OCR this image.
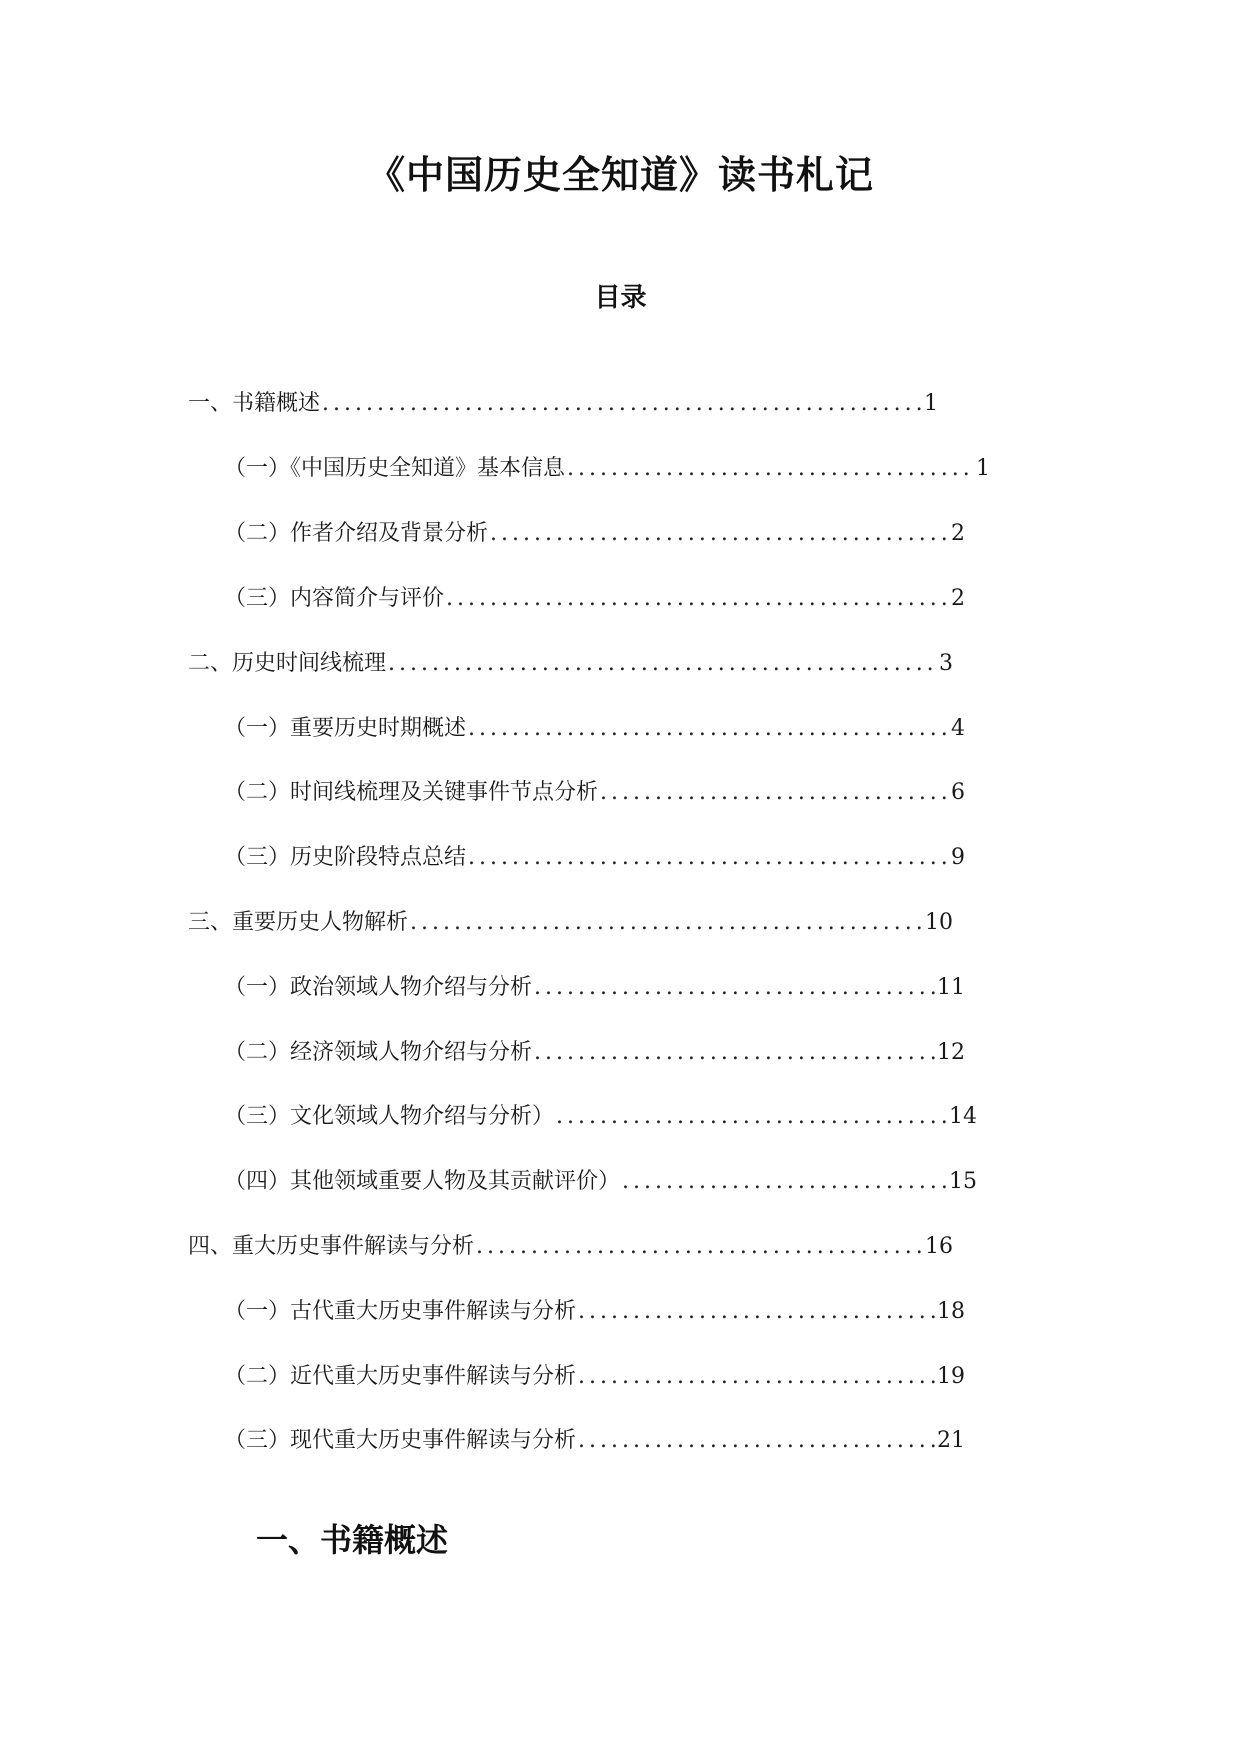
《中国历史全知道》读书札记
目录
一、书籍概述 .....	1
（一）《中国历史全知道》基本信息 .....	1
（二）作者介绍及背景分析 .....	2
（三）内容简介与评价 .....	2
二、历史时间线梳理 .....	3
（一）重要历史时期概述 .....	4
（二）时间线梳理及关键事件节点分析 .....	6
（三）历史阶段特点总结 .....	9
三、重要历史人物解析 .....	10
（一）政治领域人物介绍与分析 .....	11
（二）经济领域人物介绍与分析 .....	12
（三）文化领域人物介绍与分析） .....	14
（四）其他领域重要人物及其贡献评价） .....	15
四、重大历史事件解读与分析 .....	16
（一）古代重大历史事件解读与分析 .....	18
（二）近代重大历史事件解读与分析 .....	19
（三）现代重大历史事件解读与分析 .....	21
一、书籍概述
